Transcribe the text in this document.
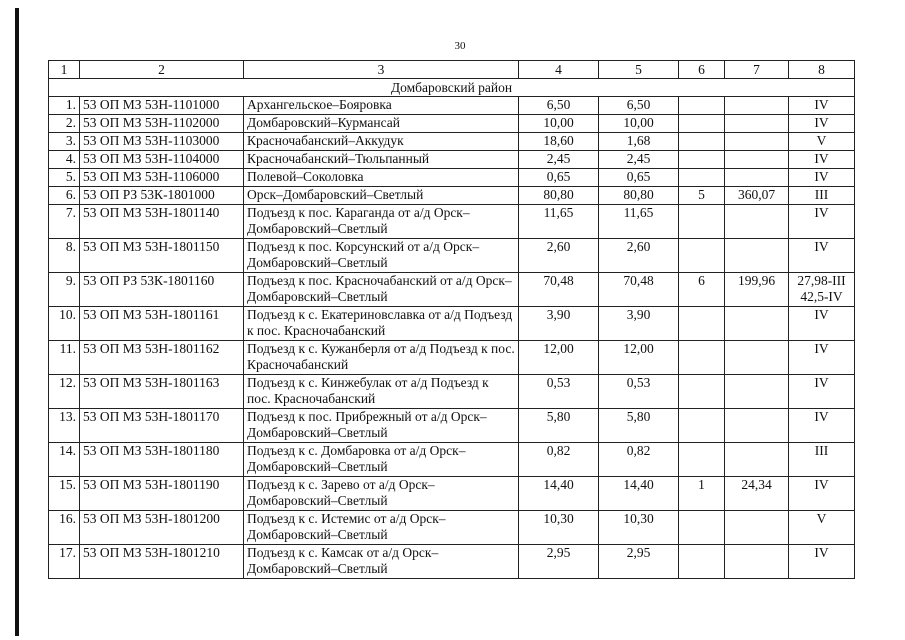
30
1	2	3	4	5	6	7	8
Домбаровский район							
1.	53 ОП МЗ 53Н-1101000	Архангельское–Бояровка	6,50	6,50			IV
2.	53 ОП МЗ 53Н-1102000	Домбаровский–Курмансай	10,00	10,00			IV
3.	53 ОП МЗ 53Н-1103000	Красночабанский–Аккудук	18,60	1,68			V
4.	53 ОП МЗ 53Н-1104000	Красночабанский–Тюльпанный	2,45	2,45			IV
5.	53 ОП МЗ 53Н-1106000	Полевой–Соколовка	0,65	0,65			IV
6.	53 ОП РЗ 53К-1801000	Орск–Домбаровский–Светлый	80,80	80,80	5	360,07	III
7.	53 ОП МЗ 53Н-1801140	Подъезд к пос. Караганда от а/д Орск–Домбаровский–Светлый	11,65	11,65			IV
8.	53 ОП МЗ 53Н-1801150	Подъезд к пос. Корсунский от а/д Орск–Домбаровский–Светлый	2,60	2,60			IV
9.	53 ОП РЗ 53К-1801160	Подъезд к пос. Красночабанский от а/д Орск–Домбаровский–Светлый	70,48	70,48	6	199,96	27,98-III 42,5-IV
10.	53 ОП МЗ 53Н-1801161	Подъезд к с. Екатериновславка от а/д Подъезд к пос. Красночабанский	3,90	3,90			IV
11.	53 ОП МЗ 53Н-1801162	Подъезд к с. Кужанберля от а/д Подъезд к пос. Красночабанский	12,00	12,00			IV
12.	53 ОП МЗ 53Н-1801163	Подъезд к с. Кинжебулак от а/д Подъезд к пос. Красночабанский	0,53	0,53			IV
13.	53 ОП МЗ 53Н-1801170	Подъезд к пос. Прибрежный от а/д Орск–Домбаровский–Светлый	5,80	5,80			IV
14.	53 ОП МЗ 53Н-1801180	Подъезд к с. Домбаровка от а/д Орск–Домбаровский–Светлый	0,82	0,82			III
15.	53 ОП МЗ 53Н-1801190	Подъезд к с. Зарево от а/д Орск–Домбаровский–Светлый	14,40	14,40	1	24,34	IV
16.	53 ОП МЗ 53Н-1801200	Подъезд к с. Истемис от а/д Орск–Домбаровский–Светлый	10,30	10,30			V
17.	53 ОП МЗ 53Н-1801210	Подъезд к с. Камсак от а/д Орск–Домбаровский–Светлый	2,95	2,95			IV
